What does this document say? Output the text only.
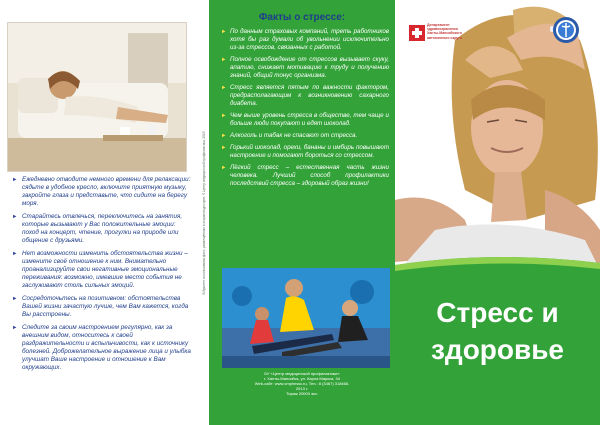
► Ежедневно отводите немного времени для релаксации: сядьте в удобное кресло, включите приятную музыку, закройте глаза и представьте, что сидите на берегу моря.
► Старайтесь отвлечься, переключитесь на занятия, которые вызывают у Вас положительные эмоции: поход на концерт, чтение, прогулки на природе или общение с друзьями.
► Нет возможности изменить обстоятельства жизни – измените своё отношение к ним. Внимательно проанализируйте свои негативные эмоциональные переживания: возможно, имевшие место события не заслуживают столь сильных эмоций.
► Сосредоточьтесь на позитивном: обстоятельства Вашей жизни зачастую лучше, чем Вам кажется, когда Вы расстроены.
► Следите за своим настроением регулярно, как за внешним видом, относитесь к своей раздражительности и вспыльчивости, как к источнику болезней. Доброжелательное выражение лица и улыбка улучшат Ваше настроение и отношение к Вам окружающих.
В буклете использованы фото, размещённые в открытом доступе. © Центр медицинской профилактики, 2013
Факты о стрессе:
► По данным страховых компаний, треть работников хотя бы раз думали об увольнении исключительно из-за стрессов, связанных с работой.
► Полное освобождение от стрессов вызывает скуку, апатию, снижает мотивацию к труду и получению знаний, общий тонус организма.
► Стресс является пятым по важности фактором, предрасполагающим к возникновению сахарного диабета.
► Чем выше уровень стресса в обществе, тем чаще и больше люди покупают и едят шоколад.
► Алкоголь и табак не спасают от стресса.
► Горький шоколад, орехи, бананы и имбирь повышают настроение и помогают бороться со стрессом.
► Лёгкий стресс – естественная часть жизни человека. Лучший способ профилактики последствий стресса – здоровый образ жизни!
БУ «Центр медицинской профилактики»
г. Ханты-Мансийск, ул. Карла Маркса, 34
Web-сайт: www.cmphmao.ru, Тел.: 8 (3467) 318466.
2013 г.
Тираж 20000 экз.
Департамент здравоохранения Ханты-Мансийского автономного округа
Стресс и
здоровье
